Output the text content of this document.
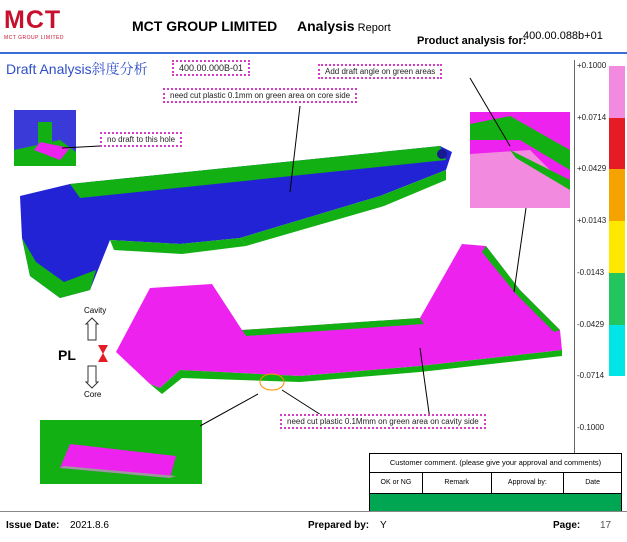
MCT
MCT GROUP LIMITED
MCT GROUP LIMITED Analysis Report
Product analysis for:
400.00.088b+01
Draft Analysis斜度分析	400.00.000B-01	Add draft angle on green areas
need cut plastic 0.1mm on green area on core side
no draft to this hole
need cut plastic 0.1Mmm on green area on cavity side
Cavity
PL
Core
+0.1000
+0.0714
+0.0429
+0.0143
-0.0143
-0.0429
-0.0714
-0.1000
Customer comment. (please give your approval and comments)
OK or NG	Remark	Approval by:	Date
Issue Date: 2021.8.6	Prepared by: Y	Page: 17
